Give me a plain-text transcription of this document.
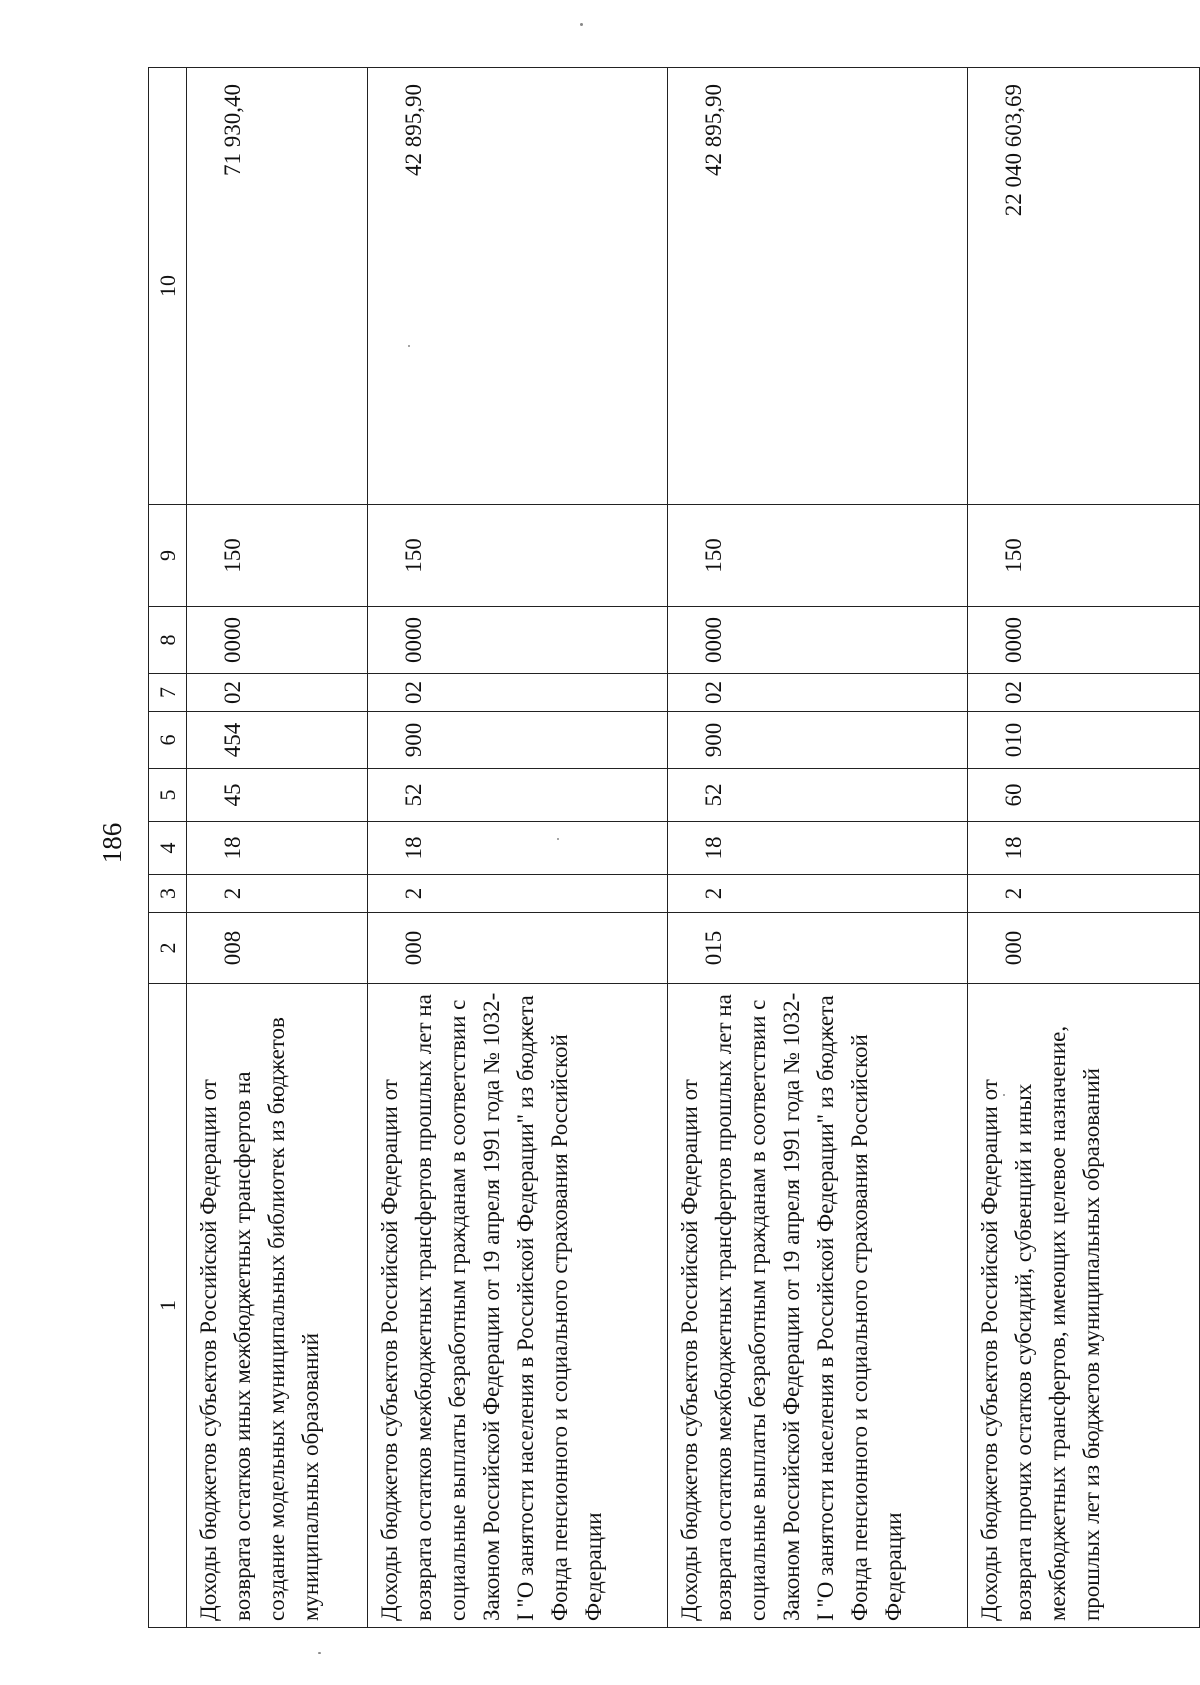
186
1	2	3	4	5	6	7	8	9	10
Доходы бюджетов субъектов Российской Федерации от возврата остатков иных межбюджетных трансфертов на создание модельных муниципальных библиотек из бюджетов муниципальных образований	008	2	18	45	454	02	0000	150	71 930,40
Доходы бюджетов субъектов Российской Федерации от возврата остатков межбюджетных трансфертов прошлых лет на социальные выплаты безработным гражданам в соответствии с Законом Российской Федерации от 19 апреля 1991 года № 1032-I "О занятости населения в Российской Федерации" из бюджета Фонда пенсионного и социального страхования Российской Федерации	000	2	18	52	900	02	0000	150	42 895,90
Доходы бюджетов субъектов Российской Федерации от возврата остатков межбюджетных трансфертов прошлых лет на социальные выплаты безработным гражданам в соответствии с Законом Российской Федерации от 19 апреля 1991 года № 1032-I "О занятости населения в Российской Федерации" из бюджета Фонда пенсионного и социального страхования Российской Федерации	015	2	18	52	900	02	0000	150	42 895,90
Доходы бюджетов субъектов Российской Федерации от возврата прочих остатков субсидий, субвенций и иных межбюджетных трансфертов, имеющих целевое назначение, прошлых лет из бюджетов муниципальных образований	000	2	18	60	010	02	0000	150	22 040 603,69
